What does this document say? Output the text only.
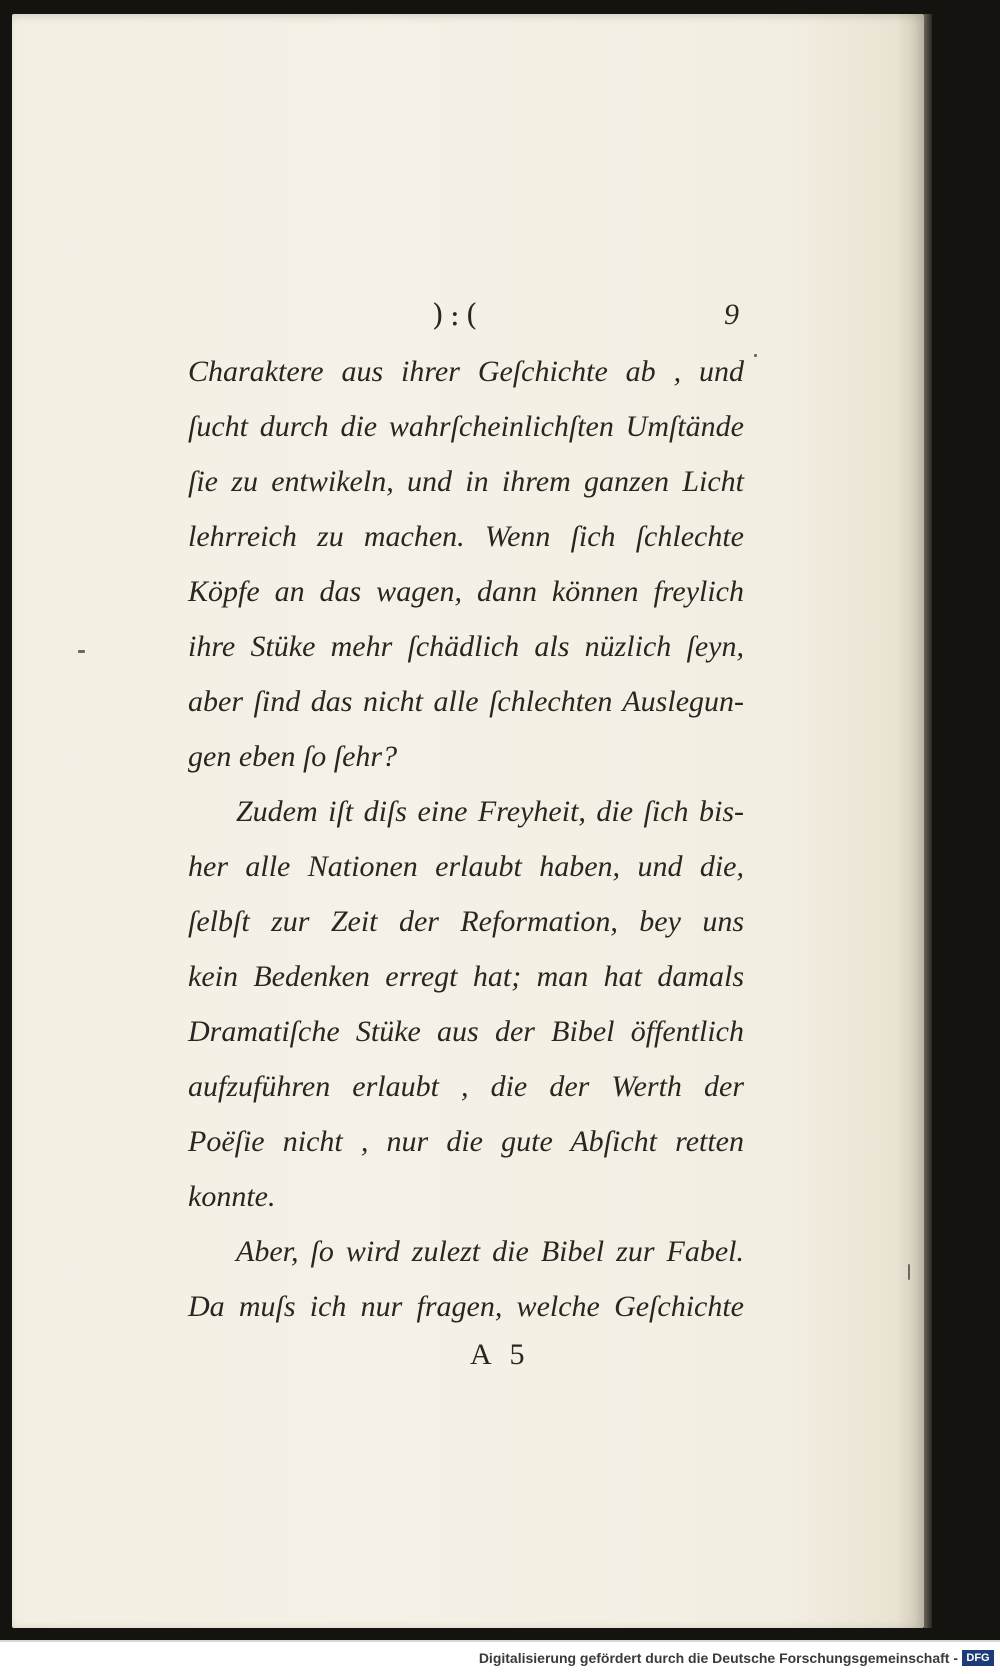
):(	9
Charaktere aus ihrer Geſchichte ab , und
ſucht durch die wahrſcheinlichſten Umſtände
ſie zu entwikeln, und in ihrem ganzen Licht
lehrreich zu machen. Wenn ſich ſchlechte
Köpfe an das wagen, dann können freylich
ihre Stüke mehr ſchädlich als nüzlich ſeyn,
aber ſind das nicht alle ſchlechten Auslegun-
gen eben ſo ſehr?
Zudem iſt diſs eine Freyheit, die ſich bis-
her alle Nationen erlaubt haben, und die,
ſelbſt zur Zeit der Reformation, bey uns
kein Bedenken erregt hat; man hat damals
Dramatiſche Stüke aus der Bibel öffentlich
aufzuführen erlaubt , die der Werth der
Poëſie nicht , nur die gute Abſicht retten
konnte.
Aber, ſo wird zulezt die Bibel zur Fabel.
Da muſs ich nur fragen, welche Geſchichte
A 5
Digitalisierung gefördert durch die Deutsche Forschungsgemeinschaft - DFG
